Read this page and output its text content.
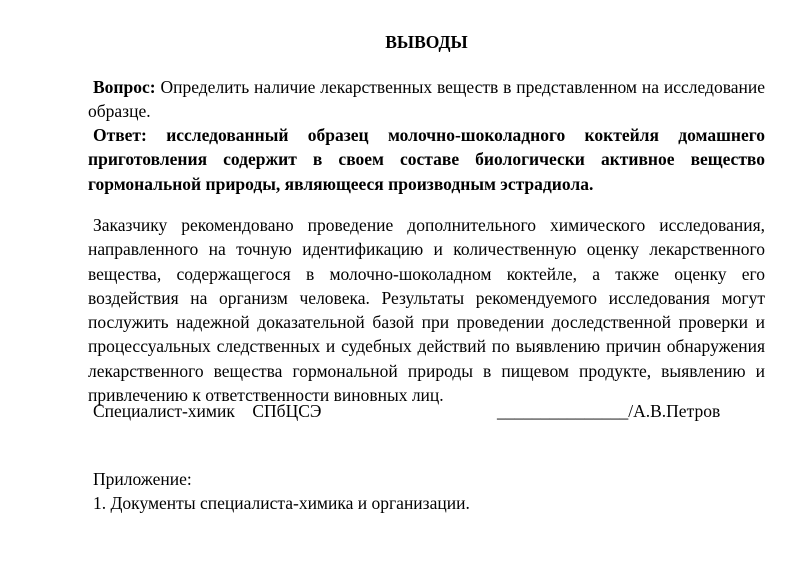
ВЫВОДЫ
Вопрос: Определить наличие лекарственных веществ в представленном на исследование образце.
Ответ: исследованный образец молочно-шоколадного коктейля домашнего приготовления содержит в своем составе биологически активное вещество гормональной природы, являющееся производным эстрадиола.
Заказчику рекомендовано проведение дополнительного химического исследования, направленного на точную идентификацию и количественную оценку лекарственного вещества, содержащегося в молочно-шоколадном коктейле, а также оценку его воздействия на организм человека. Результаты рекомендуемого исследования могут послужить надежной доказательной базой при проведении доследственной проверки и процессуальных следственных и судебных действий по выявлению причин обнаружения лекарственного вещества гормональной природы в пищевом продукте, выявлению и привлечению к ответственности виновных лиц.
Специалист-химик СПбЦСЭ	_______________/А.В.Петров
Приложение:
1. Документы специалиста-химика и организации.
